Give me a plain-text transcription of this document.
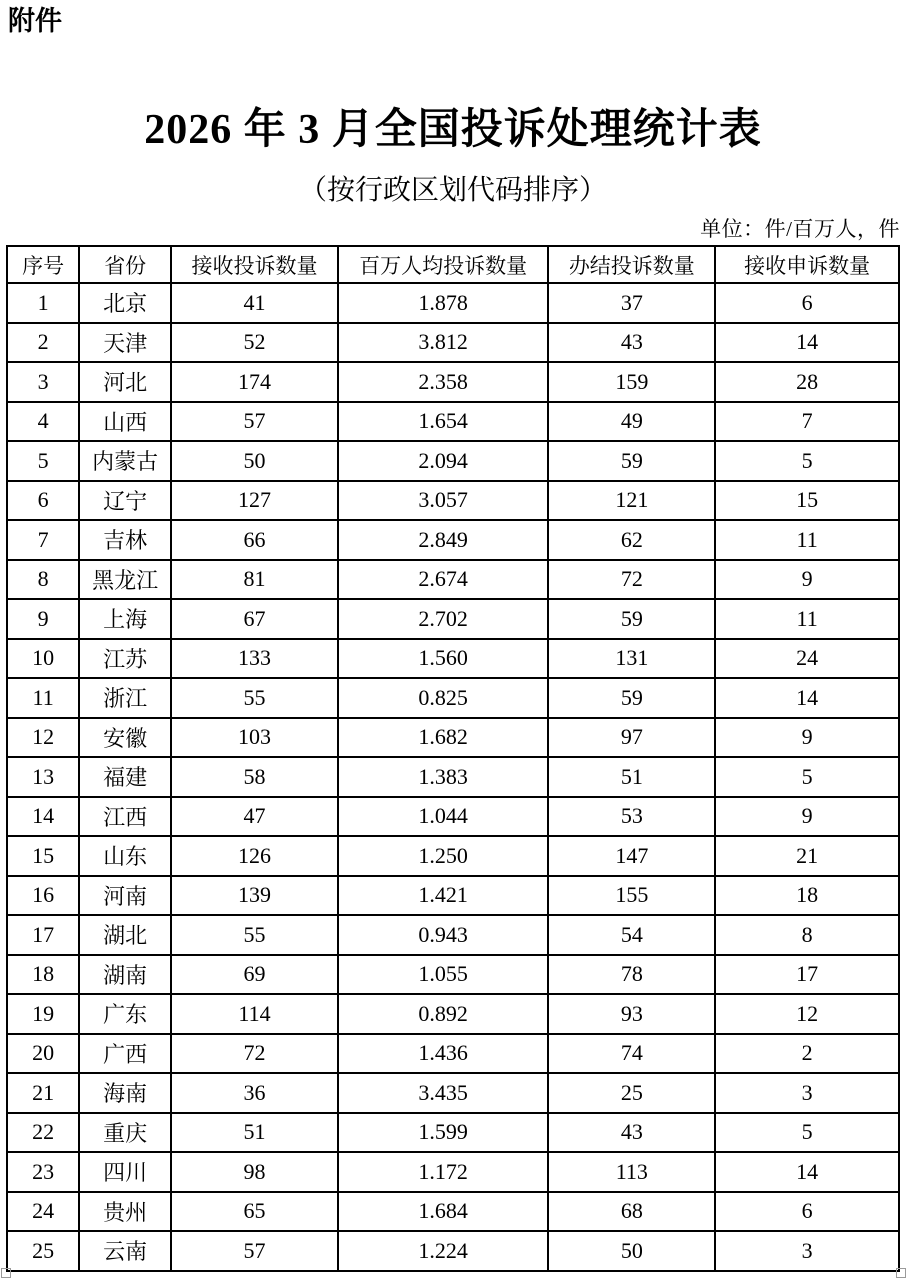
附件
2026 年 3 月全国投诉处理统计表
（按行政区划代码排序）
单位：件/百万人，件
序号	省份	接收投诉数量	百万人均投诉数量	办结投诉数量	接收申诉数量
1	北京	41	1.878	37	6
2	天津	52	3.812	43	14
3	河北	174	2.358	159	28
4	山西	57	1.654	49	7
5	内蒙古	50	2.094	59	5
6	辽宁	127	3.057	121	15
7	吉林	66	2.849	62	11
8	黑龙江	81	2.674	72	9
9	上海	67	2.702	59	11
10	江苏	133	1.560	131	24
11	浙江	55	0.825	59	14
12	安徽	103	1.682	97	9
13	福建	58	1.383	51	5
14	江西	47	1.044	53	9
15	山东	126	1.250	147	21
16	河南	139	1.421	155	18
17	湖北	55	0.943	54	8
18	湖南	69	1.055	78	17
19	广东	114	0.892	93	12
20	广西	72	1.436	74	2
21	海南	36	3.435	25	3
22	重庆	51	1.599	43	5
23	四川	98	1.172	113	14
24	贵州	65	1.684	68	6
25	云南	57	1.224	50	3
